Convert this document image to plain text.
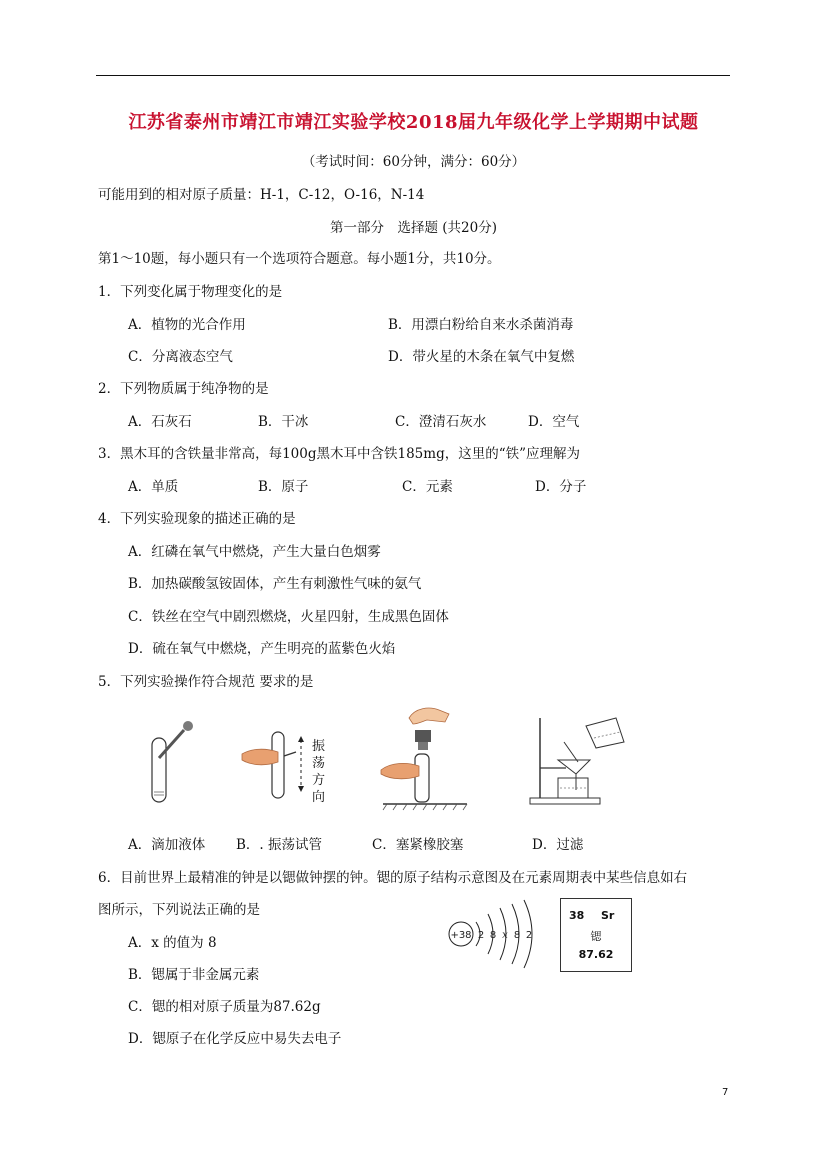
江苏省泰州市靖江市靖江实验学校2018届九年级化学上学期期中试题
（考试时间：60分钟，满分：60分）
可能用到的相对原子质量：H-1，C-12，O-16，N-14
第一部分　选择题 (共20分)
第1～10题，每小题只有一个选项符合题意。每小题1分，共10分。
1．下列变化属于物理变化的是
A．植物的光合作用	B．用漂白粉给自来水杀菌消毒
C．分离液态空气	D．带火星的木条在氧气中复燃
2．下列物质属于纯净物的是
A．石灰石	B．干冰	C．澄清石灰水	D．空气
3．黑木耳的含铁量非常高，每100g黑木耳中含铁185mg，这里的“铁”应理解为
A．单质	B．原子	C．元素	D．分子
4．下列实验现象的描述正确的是
A．红磷在氧气中燃烧，产生大量白色烟雾
B．加热碳酸氢铵固体，产生有刺激性气味的氨气
C．铁丝在空气中剧烈燃烧，火星四射，生成黑色固体
D．硫在氧气中燃烧，产生明亮的蓝紫色火焰
5．下列实验操作符合规范 要求的是
振
荡
方
向
A．滴加液体 B．. 振荡试管	C．塞紧橡胶塞	D．过滤
6．目前世界上最精准的钟是以锶做钟摆的钟。锶的原子结构示意图及在元素周期表中某些信息如右
图所示，下列说法正确的是
+38 2 8 x 8 2
38 Sr
锶
87.62
A．x 的值为 8
B．锶属于非金属元素
C．锶的相对原子质量为87.62g
D．锶原子在化学反应中易失去电子
7
